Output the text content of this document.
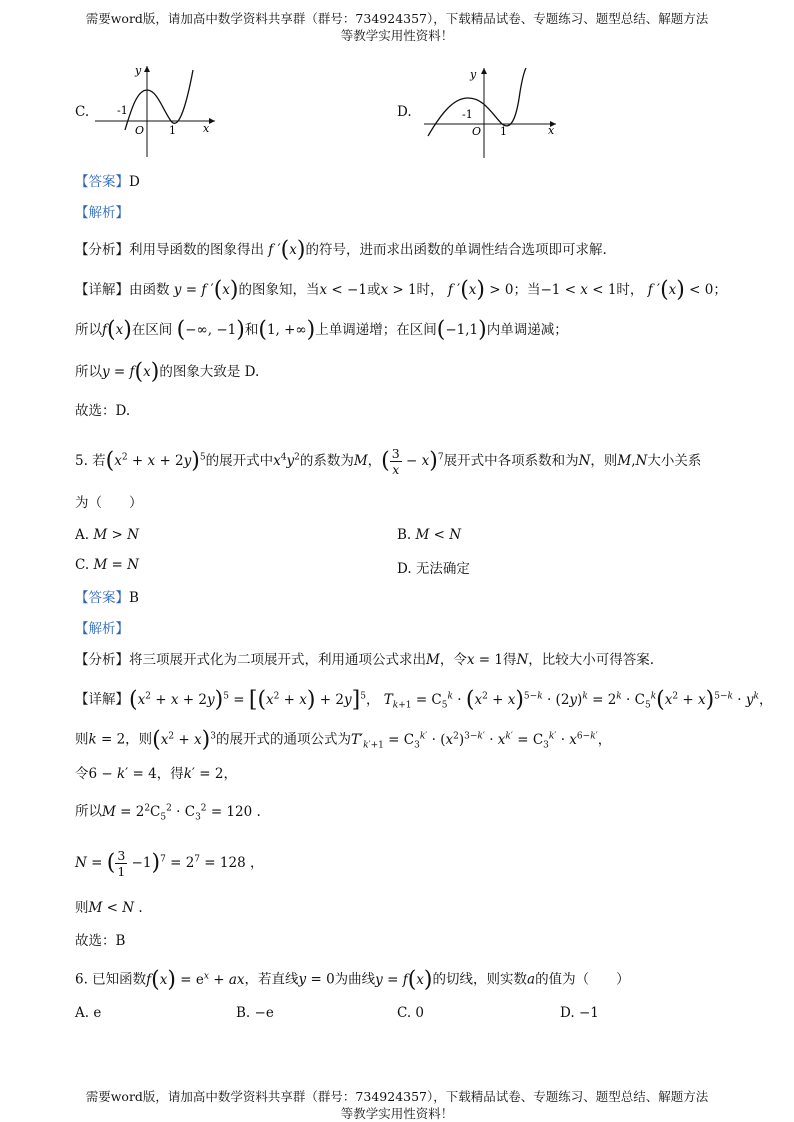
需要word版，请加高中数学资料共享群（群号：734924357），下载精品试卷、专题练习、题型总结、解题方法
等教学实用性资料！
C.
y
x
O 1
-1	D.
y
x
O 1
-1
【答案】D
【解析】
【分析】利用导函数的图象得出 f ′(x)的符号，进而求出函数的单调性结合选项即可求解.
【详解】由函数 y = f ′(x)的图象知，当x < −1或x > 1时， f ′(x) > 0；当−1 < x < 1时， f ′(x) < 0；
所以f(x)在区间 (−∞, −1)和(1, +∞)上单调递增；在区间(−1,1)内单调递减；
所以y = f(x)的图象大致是 D.
故选：D.
5. 若$(x^2 + x + 2y)^5$的展开式中$x^4y^2$的系数为M，( $\frac{3}{x} - x)^7$展开式中各项系数和为N，则M,N大小关系
为（　　）
A. M > N	B. M < N
C. M = N	D. 无法确定
【答案】B
【解析】
【分析】将三项展开式化为二项展开式，利用通项公式求出M，令x = 1得N，比较大小可得答案.
【详解】$(x^2 + x + 2y)^5 = [(x^2 + x) + 2y]^5$， $T_{k+1} = C_5^k \cdot (x^2 + x)^{5-k} \cdot (2y)^k = 2^k \cdot C_5^k(x^2 + x)^{5-k} \cdot y^k$，
则k = 2，则$(x^2 + x)^3$的展开式的通项公式为$T'_{k'+1} = C_3^{k'} \cdot (x^2)^{3-k'} \cdot x^{k'} = C_3^{k'} \cdot x^{6-k'}$，
令6 − k′ = 4，得k′ = 2，
所以$M = 2^2C_5^2 \cdot C_3^2 = 120$ .
N = ( $\frac{3}{1} -1)^7 = 2^7 = 128$ ，
则M < N .
故选：B
6. 已知函数$f(x) = e^x$ + ax，若直线y = 0为曲线y = f(x)的切线，则实数a的值为（　　）
A. e	B. −e	C. 0	D. −1
需要word版，请加高中数学资料共享群（群号：734924357），下载精品试卷、专题练习、题型总结、解题方法
等教学实用性资料！
